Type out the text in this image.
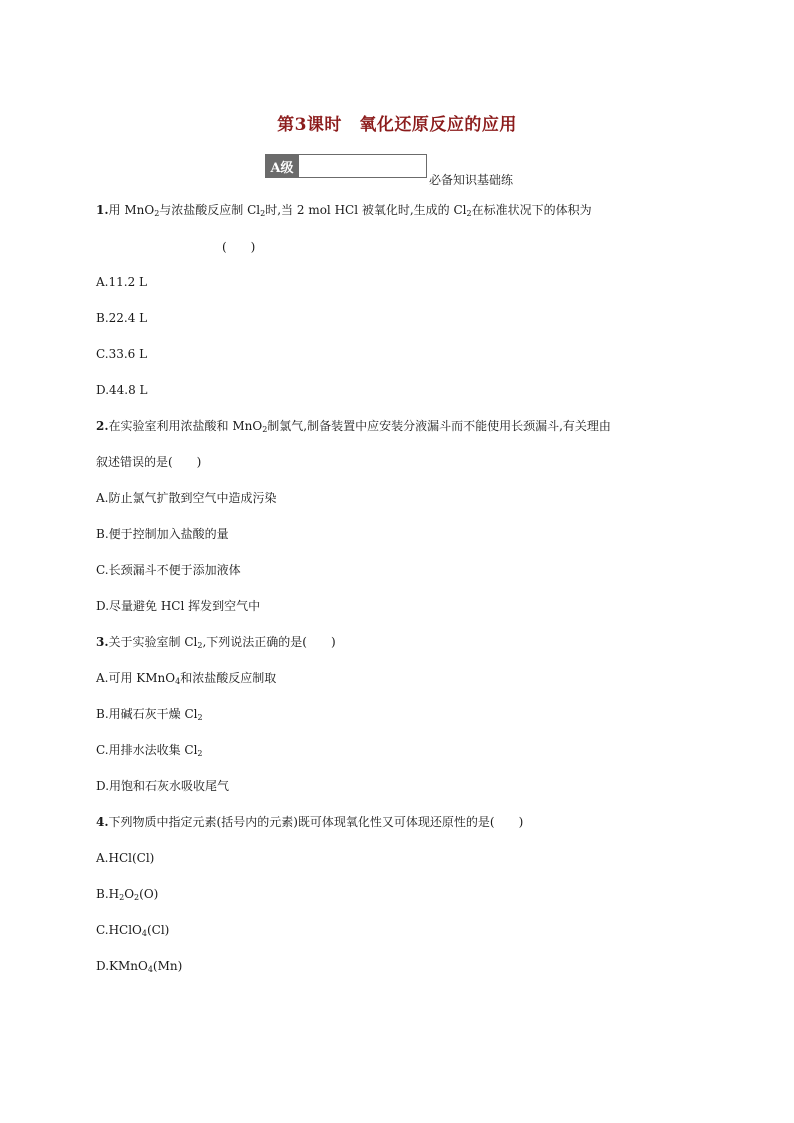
第3课时　氧化还原反应的应用
A级
必备知识基础练
1.用 MnO$_2$与浓盐酸反应制 $Cl_2$时,当 2 mol HCl 被氧化时,生成的 $Cl_2$在标准状况下的体积为
(　　)
A.11.2 L
B.22.4 L
C.33.6 L
D.44.8 L
2.在实验室利用浓盐酸和 MnO$_2$制氯气,制备装置中应安装分液漏斗而不能使用长颈漏斗,有关理由
叙述错误的是(　　)
A.防止氯气扩散到空气中造成污染
B.便于控制加入盐酸的量
C.长颈漏斗不便于添加液体
D.尽量避免 HCl 挥发到空气中
3.关于实验室制 $Cl_2$,下列说法正确的是(　　)
A.可用 KMnO$_4$和浓盐酸反应制取
B.用碱石灰干燥 $Cl_2$
C.用排水法收集 $Cl_2$
D.用饱和石灰水吸收尾气
4.下列物质中指定元素(括号内的元素)既可体现氧化性又可体现还原性的是(　　)
A.HCl(Cl)
$B.H_2O_2(O)$
C.HClO$_4$(Cl)
D.KMnO$_4$(Mn)
